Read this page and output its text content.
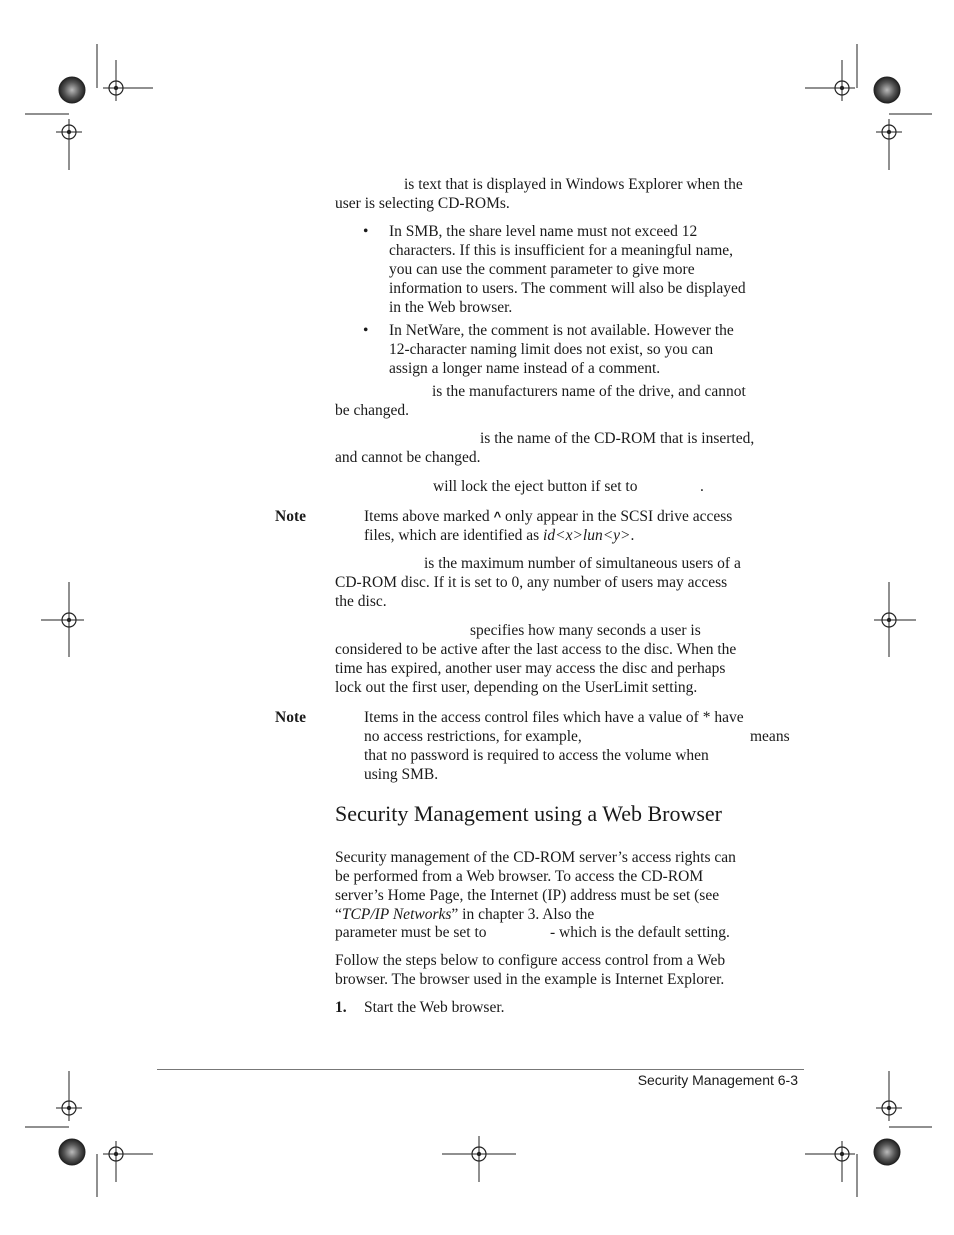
is text that is displayed in Windows Explorer when the
user is selecting CD-ROMs.
• In SMB, the share level name must not exceed 12
characters. If this is insufficient for a meaningful name,
you can use the comment parameter to give more
information to users. The comment will also be displayed
in the Web browser.
• In NetWare, the comment is not available. However the
12-character naming limit does not exist, so you can
assign a longer name instead of a comment.
is the manufacturers name of the drive, and cannot
be changed.
is the name of the CD-ROM that is inserted,
and cannot be changed.
will lock the eject button if set to	.
Note	Items above marked ^ only appear in the SCSI drive access
files, which are identified as id<x>lun<y>.
is the maximum number of simultaneous users of a
CD-ROM disc. If it is set to 0, any number of users may access
the disc.
specifies how many seconds a user is
considered to be active after the last access to the disc. When the
time has expired, another user may access the disc and perhaps
lock out the first user, depending on the UserLimit setting.
Note	Items in the access control files which have a value of * have
no access restrictions, for example,	means
that no password is required to access the volume when
using SMB.
Security Management using a Web Browser
Security management of the CD-ROM server’s access rights can
be performed from a Web browser. To access the CD-ROM
server’s Home Page, the Internet (IP) address must be set (see
“TCP/IP Networks” in chapter 3. Also the
parameter must be set to	- which is the default setting.
Follow the steps below to configure access control from a Web
browser. The browser used in the example is Internet Explorer.
1. Start the Web browser.
Security Management 6-3
